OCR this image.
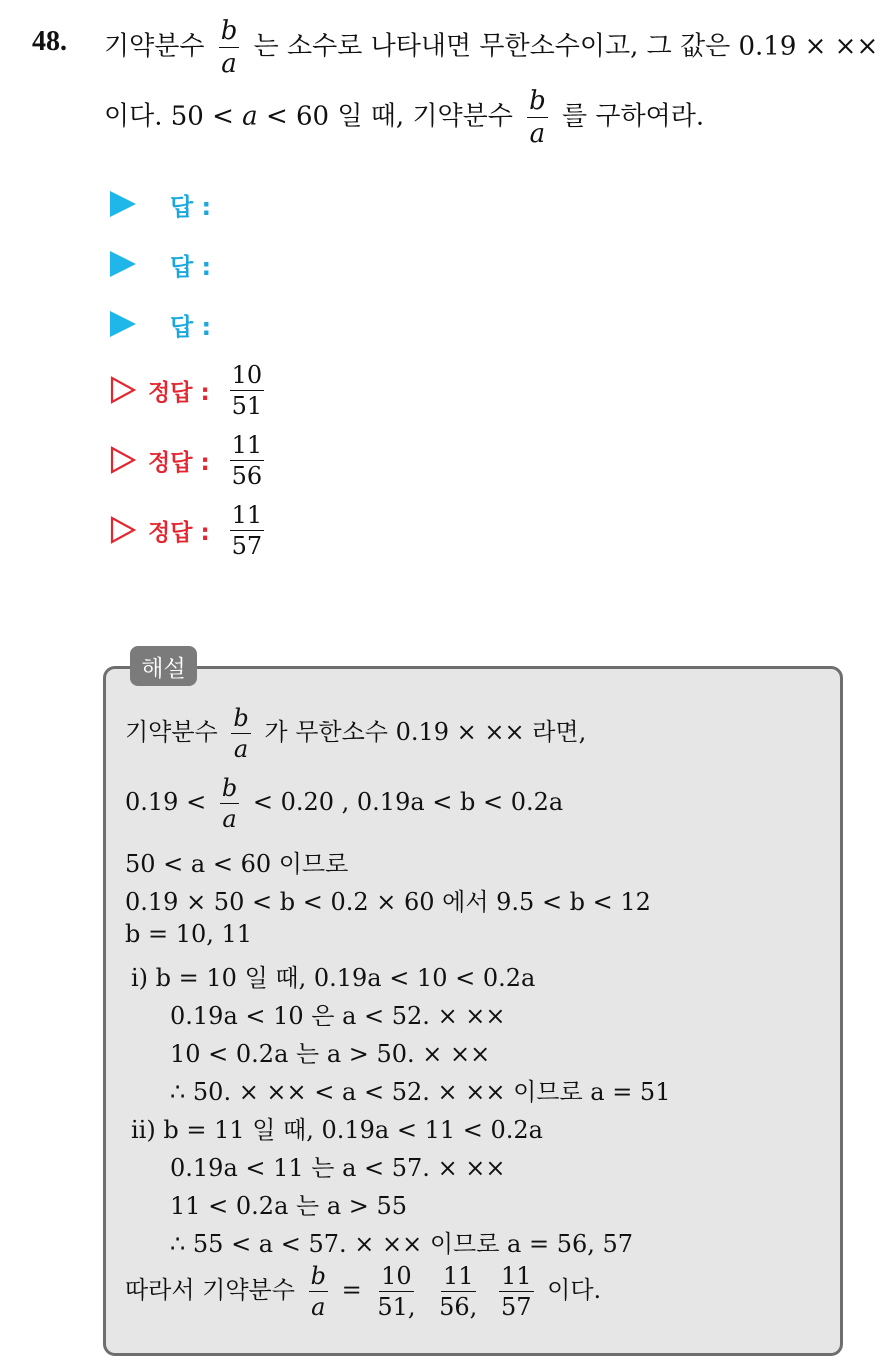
48. 기약분수 $\frac{b}{a}$ 는 소수로 나타내면 무한소수이고, 그 값은 0.19 × ××
이다. 50 < a < 60 일 때, 기약분수 $\frac{b}{a}$ 를 구하여라.
답 :
답 :
답 :
정답 : $\frac{10}{51}$
정답 : $\frac{11}{56}$
정답 : $\frac{11}{57}$
해설
기약분수 $\frac{b}{a}$ 가 무한소수 0.19 × ×× 라면,
$0.19 < \frac{b}{a} < 0.20$ , 0.19a < b < 0.2a
50 < a < 60 이므로
0.19 × 50 < b < 0.2 × 60 에서 9.5 < b < 12
b = 10, 11
ⅰ) b = 10 일 때, 0.19a < 10 < 0.2a
0.19a < 10 은 a < 52. × ××
10 < 0.2a 는 a > 50. × ××
∴ 50. × ×× < a < 52. × ×× 이므로 a = 51
ⅱ) b = 11 일 때, 0.19a < 11 < 0.2a
0.19a < 11 는 a < 57. × ××
11 < 0.2a 는 a > 55
∴ 55 < a < 57. × ×× 이므로 a = 56, 57
따라서 기약분수 $\frac{b}{a} = \frac{10}{51,}$
$\frac{11}{56,}$
$\frac{11}{57}$ 이다.
